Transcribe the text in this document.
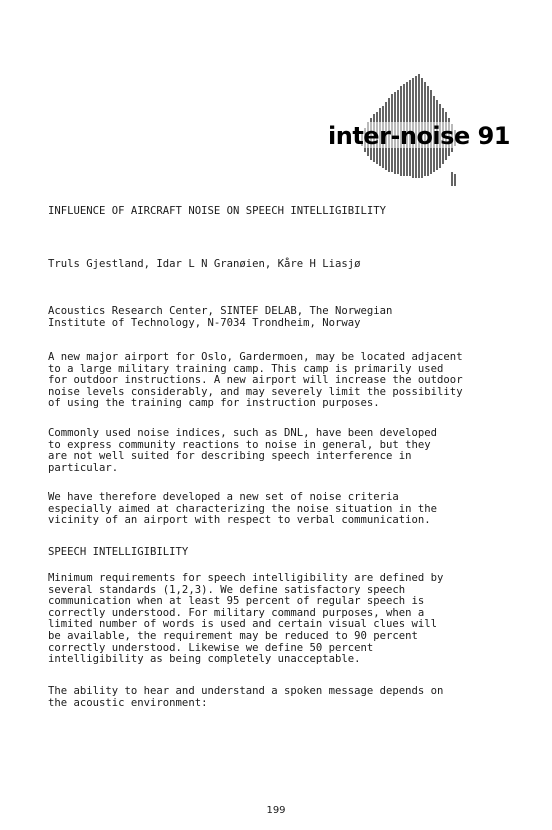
inter-noise 91
INFLUENCE OF AIRCRAFT NOISE ON SPEECH INTELLIGIBILITY
Truls Gjestland, Idar L N Granøien, Kåre H Liasjø
Acoustics Research Center, SINTEF DELAB, The Norwegian
Institute of Technology, N-7034 Trondheim, Norway
A new major airport for Oslo, Gardermoen, may be located adjacent
to a large military training camp. This camp is primarily used
for outdoor instructions. A new airport will increase the outdoor
noise levels considerably, and may severely limit the possibility
of using the training camp for instruction purposes.
Commonly used noise indices, such as DNL, have been developed
to express community reactions to noise in general, but they
are not well suited for describing speech interference in
particular.
We have therefore developed a new set of noise criteria
especially aimed at characterizing the noise situation in the
vicinity of an airport with respect to verbal communication.
SPEECH INTELLIGIBILITY
Minimum requirements for speech intelligibility are defined by
several standards (1,2,3). We define satisfactory speech
communication when at least 95 percent of regular speech is
correctly understood. For military command purposes, when a
limited number of words is used and certain visual clues will
be available, the requirement may be reduced to 90 percent
correctly understood. Likewise we define 50 percent
intelligibility as being completely unacceptable.
The ability to hear and understand a spoken message depends on
the acoustic environment:
199
